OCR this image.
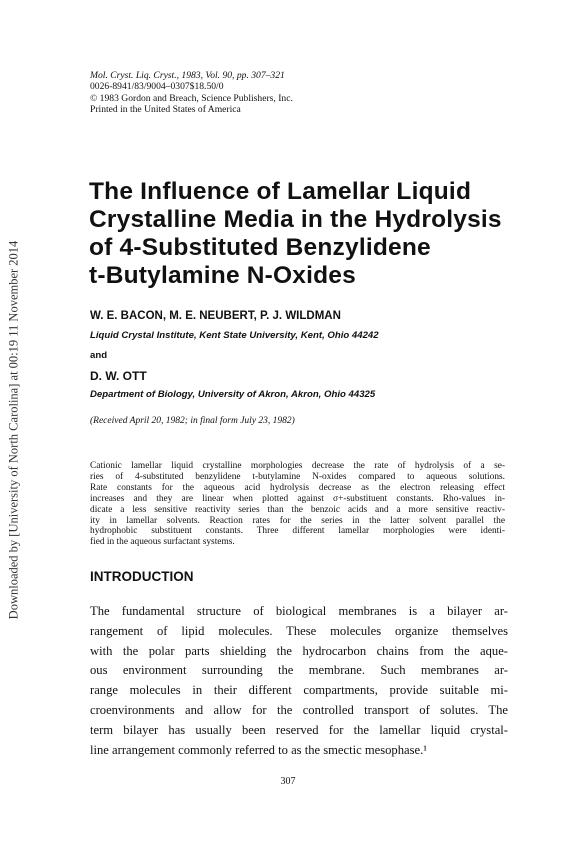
Downloaded by [University of North Carolina] at 00:19 11 November 2014
Mol. Cryst. Liq. Cryst., 1983, Vol. 90, pp. 307–321
0026-8941/83/9004–0307$18.50/0
© 1983 Gordon and Breach, Science Publishers, Inc.
Printed in the United States of America
The Influence of Lamellar Liquid
Crystalline Media in the Hydrolysis
of 4-Substituted Benzylidene
t-Butylamine N-Oxides
W. E. BACON, M. E. NEUBERT, P. J. WILDMAN
Liquid Crystal Institute, Kent State University, Kent, Ohio 44242
and
D. W. OTT
Department of Biology, University of Akron, Akron, Ohio 44325
(Received April 20, 1982; in final form July 23, 1982)
Cationic lamellar liquid crystalline morphologies decrease the rate of hydrolysis of a se-
ries of 4-substituted benzylidene t-butylamine N-oxides compared to aqueous solutions.
Rate constants for the aqueous acid hydrolysis decrease as the electron releasing effect
increases and they are linear when plotted against σ+-substituent constants. Rho-values in-
dicate a less sensitive reactivity series than the benzoic acids and a more sensitive reactiv-
ity in lamellar solvents. Reaction rates for the series in the latter solvent parallel the
hydrophobic substituent constants. Three different lamellar morphologies were identi-
fied in the aqueous surfactant systems.
INTRODUCTION
The fundamental structure of biological membranes is a bilayer ar-
rangement of lipid molecules. These molecules organize themselves
with the polar parts shielding the hydrocarbon chains from the aque-
ous environment surrounding the membrane. Such membranes ar-
range molecules in their different compartments, provide suitable mi-
croenvironments and allow for the controlled transport of solutes. The
term bilayer has usually been reserved for the lamellar liquid crystal-
line arrangement commonly referred to as the smectic mesophase.¹
307
